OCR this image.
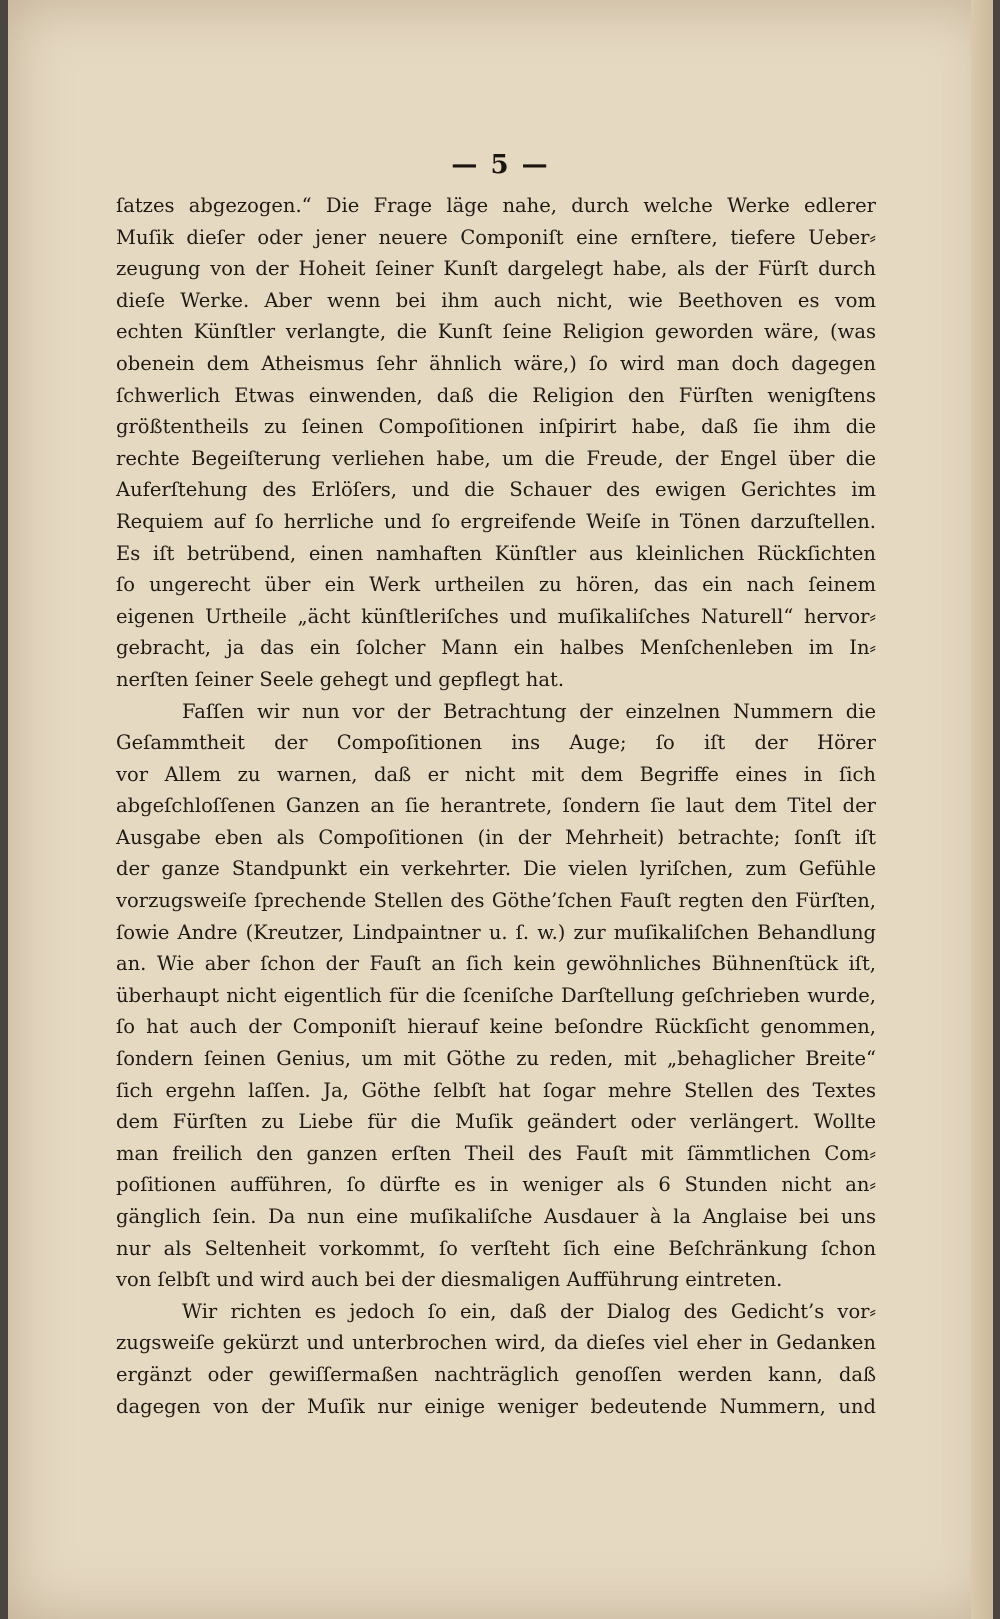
— 5 —
ſatzes abgezogen.“ Die Frage läge nahe, durch welche Werke edlerer
Muſik dieſer oder jener neuere Componiſt eine ernſtere, tiefere Ueber⸗
zeugung von der Hoheit ſeiner Kunſt dargelegt habe, als der Fürſt durch
dieſe Werke. Aber wenn bei ihm auch nicht, wie Beethoven es vom
echten Künſtler verlangte, die Kunſt ſeine Religion geworden wäre, (was
obenein dem Atheismus ſehr ähnlich wäre,) ſo wird man doch dagegen
ſchwerlich Etwas einwenden, daß die Religion den Fürſten wenigſtens
größtentheils zu ſeinen Compoſitionen inſpirirt habe, daß ſie ihm die
rechte Begeiſterung verliehen habe, um die Freude, der Engel über die
Auferſtehung des Erlöſers, und die Schauer des ewigen Gerichtes im
Requiem auf ſo herrliche und ſo ergreifende Weiſe in Tönen darzuſtellen.
Es iſt betrübend, einen namhaften Künſtler aus kleinlichen Rückſichten
ſo ungerecht über ein Werk urtheilen zu hören, das ein nach ſeinem
eigenen Urtheile „ächt künſtleriſches und muſikaliſches Naturell“ hervor⸗
gebracht, ja das ein ſolcher Mann ein halbes Menſchenleben im In⸗
nerſten ſeiner Seele gehegt und gepflegt hat.
Faſſen wir nun vor der Betrachtung der einzelnen Nummern die
Geſammtheit der Compoſitionen ins Auge; ſo iſt der Hörer
vor Allem zu warnen, daß er nicht mit dem Begriffe eines in ſich
abgeſchloſſenen Ganzen an ſie herantrete, ſondern ſie laut dem Titel der
Ausgabe eben als Compoſitionen (in der Mehrheit) betrachte; ſonſt iſt
der ganze Standpunkt ein verkehrter. Die vielen lyriſchen, zum Gefühle
vorzugsweiſe ſprechende Stellen des Göthe’ſchen Fauſt regten den Fürſten,
ſowie Andre (Kreutzer, Lindpaintner u. ſ. w.) zur muſikaliſchen Behandlung
an. Wie aber ſchon der Fauſt an ſich kein gewöhnliches Bühnenſtück iſt,
überhaupt nicht eigentlich für die ſceniſche Darſtellung geſchrieben wurde,
ſo hat auch der Componiſt hierauf keine beſondre Rückſicht genommen,
ſondern ſeinen Genius, um mit Göthe zu reden, mit „behaglicher Breite“
ſich ergehn laſſen. Ja, Göthe ſelbſt hat ſogar mehre Stellen des Textes
dem Fürſten zu Liebe für die Muſik geändert oder verlängert. Wollte
man freilich den ganzen erſten Theil des Fauſt mit ſämmtlichen Com⸗
poſitionen aufführen, ſo dürfte es in weniger als 6 Stunden nicht an⸗
gänglich ſein. Da nun eine muſikaliſche Ausdauer à la Anglaise bei uns
nur als Seltenheit vorkommt, ſo verſteht ſich eine Beſchränkung ſchon
von ſelbſt und wird auch bei der diesmaligen Aufführung eintreten.
Wir richten es jedoch ſo ein, daß der Dialog des Gedicht’s vor⸗
zugsweiſe gekürzt und unterbrochen wird, da dieſes viel eher in Gedanken
ergänzt oder gewiſſermaßen nachträglich genoſſen werden kann, daß
dagegen von der Muſik nur einige weniger bedeutende Nummern, und
